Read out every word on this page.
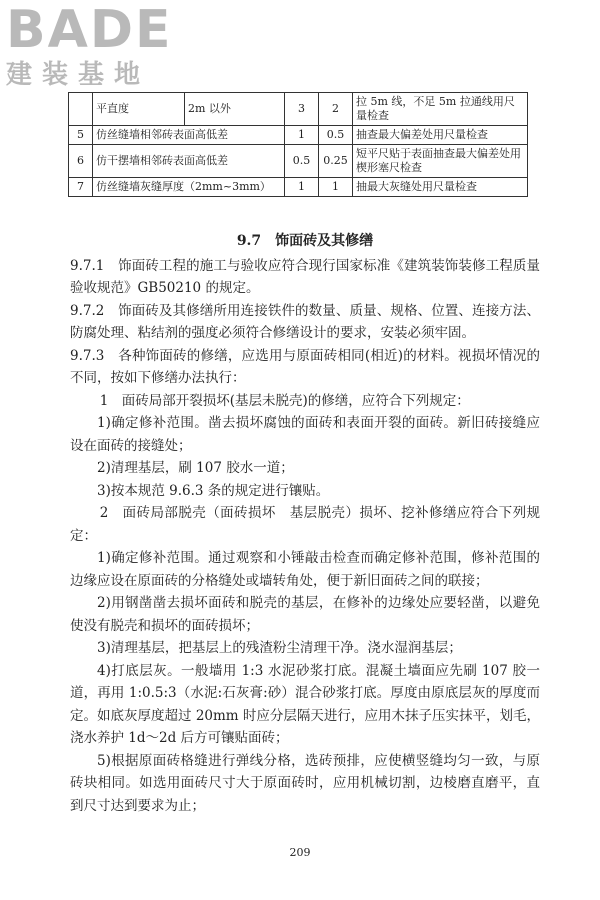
BADE
建装基地
	平直度	2m 以外	3	2	拉 5m 线，不足 5m 拉通线用尺量检查
5	仿丝缝墙相邻砖表面高低差		1	0.5	抽查最大偏差处用尺量检查
6	仿干摆墙相邻砖表面高低差		0.5	0.25	短平尺贴于表面抽查最大偏差处用楔形塞尺检查
7	仿丝缝墙灰缝厚度（2mm~3mm）		1	1	抽最大灰缝处用尺量检查

9.7　饰面砖及其修缮

9.7.1　饰面砖工程的施工与验收应符合现行国家标准《建筑装饰装修工程质量验收规范》GB50210 的规定。

9.7.2　饰面砖及其修缮所用连接铁件的数量、质量、规格、位置、连接方法、防腐处理、粘结剂的强度必须符合修缮设计的要求，安装必须牢固。

9.7.3　各种饰面砖的修缮，应选用与原面砖相同(相近)的材料。视损坏情况的不同，按如下修缮办法执行：

1　面砖局部开裂损坏(基层未脱壳)的修缮，应符合下列规定：

1)确定修补范围。凿去损坏腐蚀的面砖和表面开裂的面砖。新旧砖接缝应设在面砖的接缝处；

2)清理基层，刷 107 胶水一道；

3)按本规范 9.6.3 条的规定进行镶贴。

2　面砖局部脱壳（面砖损坏　基层脱壳）损坏、挖补修缮应符合下列规定：

1)确定修补范围。通过观察和小锤敲击检查而确定修补范围，修补范围的边缘应设在原面砖的分格缝处或墙转角处，便于新旧面砖之间的联接；

2)用钢凿凿去损坏面砖和脱壳的基层，在修补的边缘处应要轻凿，以避免使没有脱壳和损坏的面砖损坏；

3)清理基层，把基层上的残渣粉尘清理干净。浇水湿润基层；

4)打底层灰。一般墙用 1:3 水泥砂浆打底。混凝土墙面应先刷 107 胶一道，再用 1:0.5:3（水泥:石灰膏:砂）混合砂浆打底。厚度由原底层灰的厚度而定。如底灰厚度超过 20mm 时应分层隔天进行，应用木抹子压实抹平，划毛，浇水养护 1d～2d 后方可镶贴面砖；

5)根据原面砖格缝进行弹线分格，选砖预排，应使横竖缝均匀一致，与原砖块相同。如选用面砖尺寸大于原面砖时，应用机械切割，边棱磨直磨平，直到尺寸达到要求为止；

209
